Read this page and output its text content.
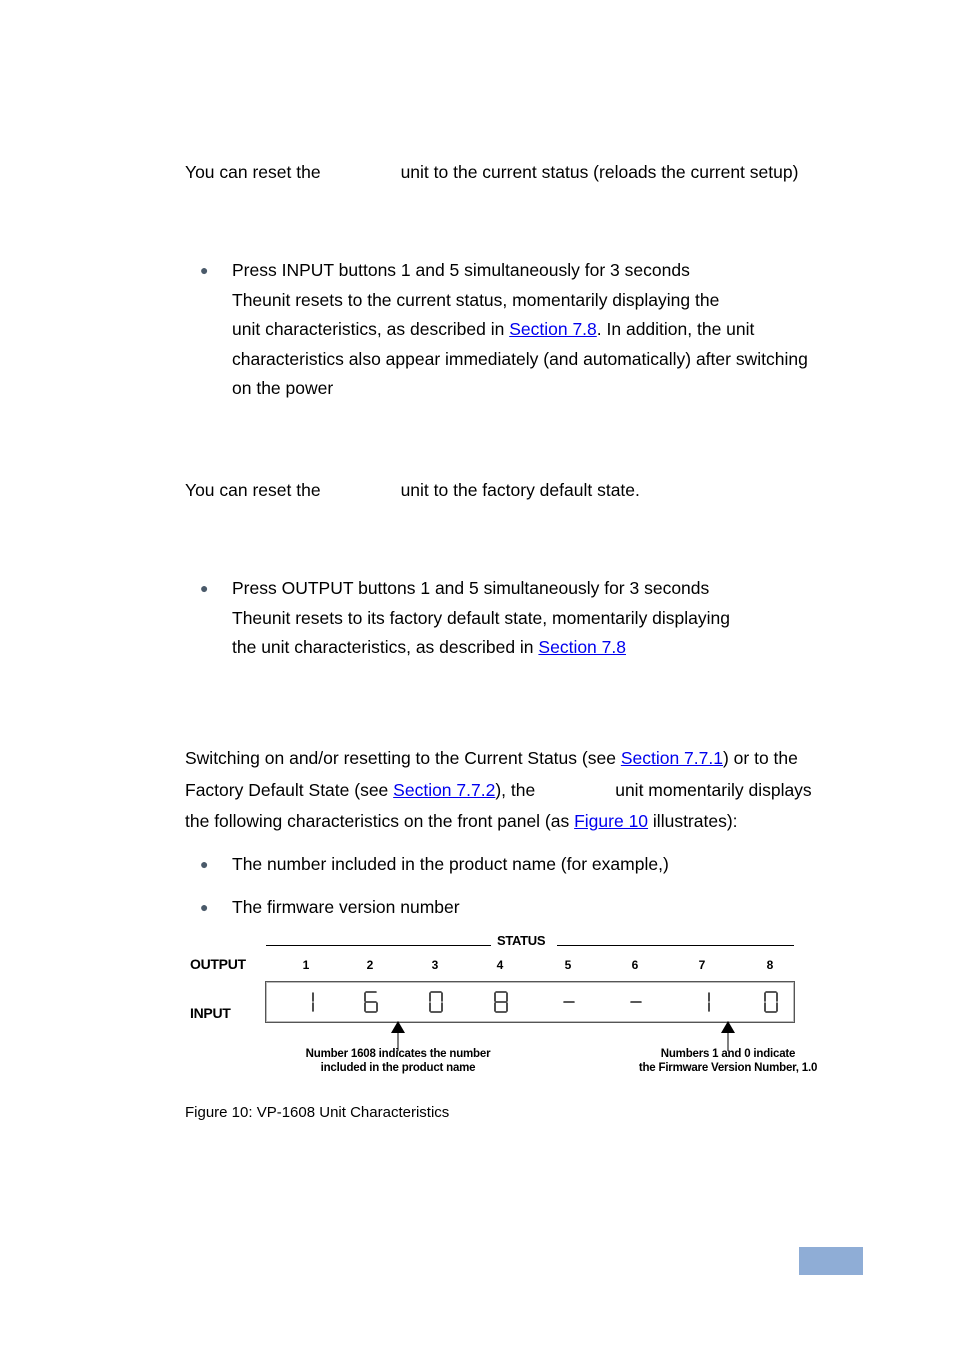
You can reset the	unit to the current status (reloads the current setup)
● Press INPUT buttons 1 and 5 simultaneously for 3 seconds
Theunit resets to the current status, momentarily displaying the
unit characteristics, as described in Section 7.8. In addition, the unit
characteristics also appear immediately (and automatically) after switching
on the power
You can reset the	unit to the factory default state.
● Press OUTPUT buttons 1 and 5 simultaneously for 3 seconds
Theunit resets to its factory default state, momentarily displaying
the unit characteristics, as described in Section 7.8
Switching on and/or resetting to the Current Status (see Section 7.7.1) or to the
Factory Default State (see Section 7.7.2), the	unit momentarily displays
the following characteristics on the front panel (as Figure 10 illustrates):
● The number included in the product name (for example,)
● The firmware version number
STATUS
OUTPUT
INPUT
1	2	3	4	5	6	7	8
Number 1608 indicates the number
included in the product name
Numbers 1 and 0 indicate
the Firmware Version Number, 1.0
Figure 10: VP-1608 Unit Characteristics
